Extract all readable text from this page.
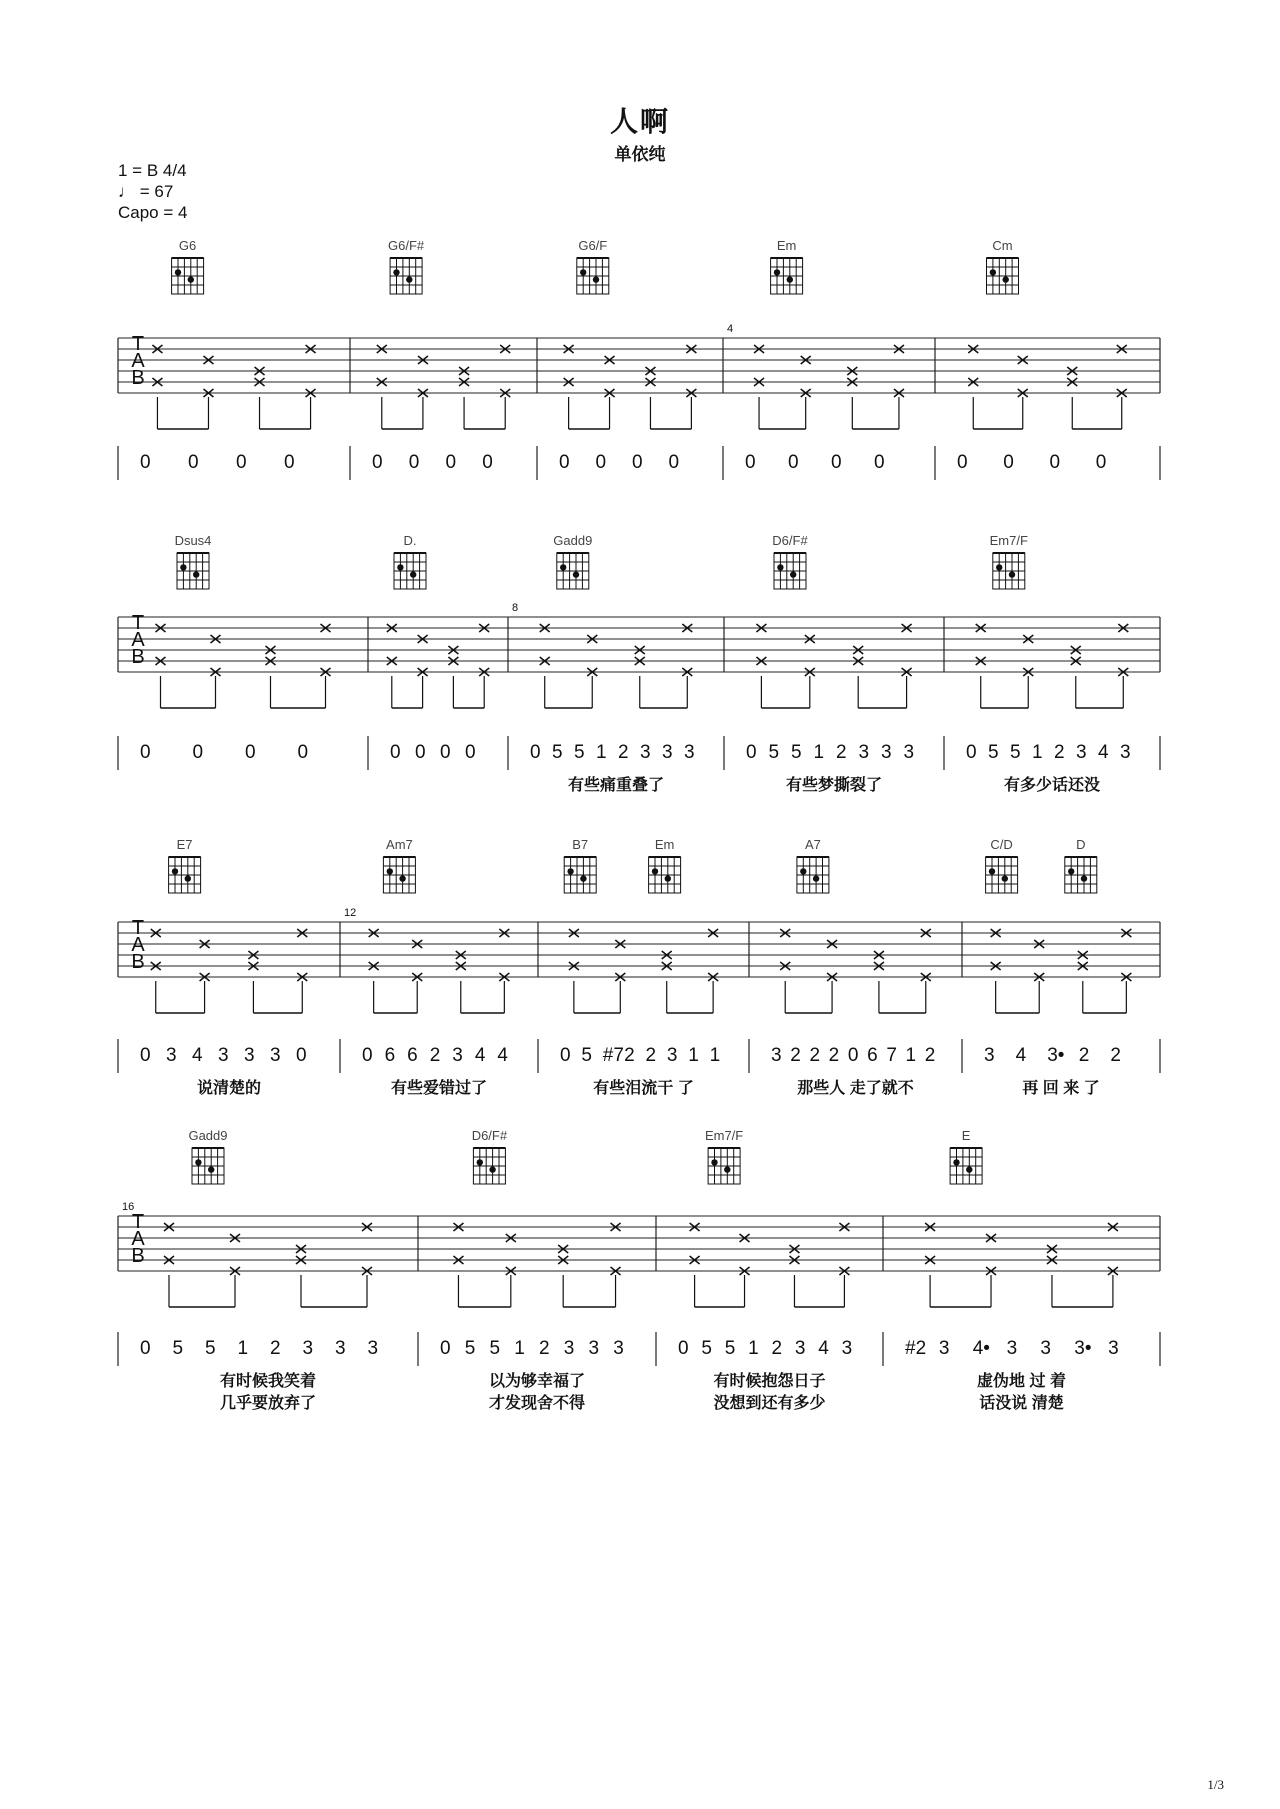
人啊
单依纯
1 = B 4/4
♩ = 67
Capo = 4
1/3
G6	G6/F#	G6/F	Em	Cm
T
A
B
4
0 0 0 0	0 0 0 0	0 0 0 0	0 0 0 0	0 0 0 0
Dsus4	D.	Gadd9	D6/F#	Em7/F
T
A
B
8
0 0 0 0	0 0 0 0	0 5 5 1 2 3 3 3
有些痛重叠了
0 5 5 1 2 3 3 3
有些梦撕裂了
0 5 5 1 2 3 4 3
有多少话还没
E7	Am7	B7	Em	A7	C/D	D
T
A
B
12
0 3 4 3 3 3 0
说清楚的
0 6 6 2 3 4 4
有些爱错过了
0 5 #7 2 2 3 1 1
有些泪流干 了
3 2 2 2 0 6 7 1 2
那些人 走了就不
3 4 3• 2 2
再 回 来 了
Gadd9	D6/F#	Em7/F	E
T
A
B
16
0 5 5 1 2 3 3 3
有时候我笑着
几乎要放弃了
0 5 5 1 2 3 3 3
以为够幸福了
才发现舍不得
0 5 5 1 2 3 4 3
有时候抱怨日子
没想到还有多少
#2 3 4• 3 3 3• 3
虚伪地 过 着
话没说 清楚
